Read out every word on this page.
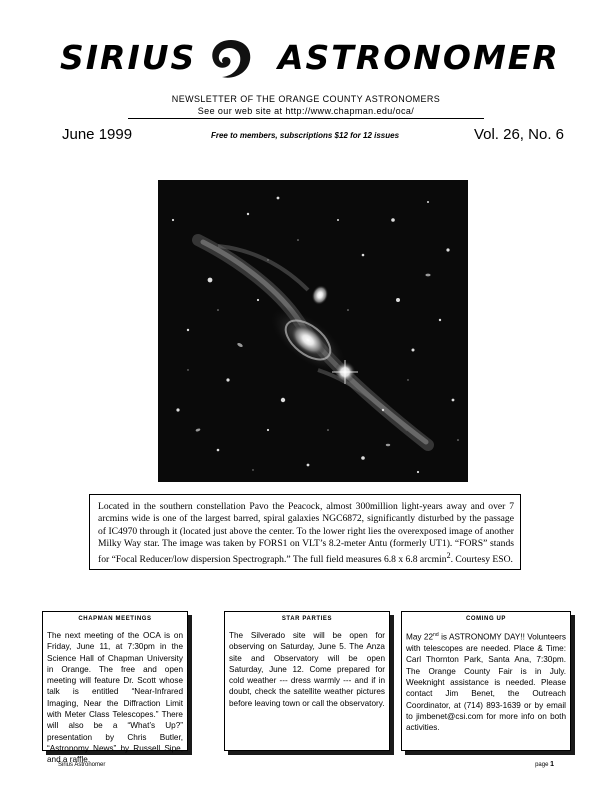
SIRIUS ASTRONOMER
NEWSLETTER OF THE ORANGE COUNTY ASTRONOMERS
See our web site at http://www.chapman.edu/oca/
June 1999	Free to members, subscriptions $12 for 12 issues	Vol. 26, No. 6
Located in the southern constellation Pavo the Peacock, almost 300million light-years away and over 7 arcmins wide is one of the largest barred, spiral galaxies NGC6872, significantly disturbed by the passage of IC4970 through it (located just above the center. To the lower right lies the overexposed image of another Milky Way star. The image was taken by FORS1 on VLT’s 8.2-meter Antu (formerly UT1). “FORS” stands for “Focal Reducer/low dispersion Spectrograph.” The full field measures 6.8 x 6.8 arcmin$^2$. Courtesy ESO.
CHAPMAN MEETINGS
The next meeting of the OCA is on Friday, June 11, at 7:30pm in the Science Hall of Chapman University in Orange. The free and open meeting will feature Dr. Scott whose talk is entitled “Near-Infrared Imaging, Near the Diffraction Limit with Meter Class Telescopes.” There will also be a “What’s Up?” presentation by Chris Butler, “Astronomy News” by Russell Sipe, and a raffle.
STAR PARTIES
The Silverado site will be open for observing on Saturday, June 5. The Anza site and Observatory will be open Saturday, June 12. Come prepared for cold weather --- dress warmly --- and if in doubt, check the satellite weather pictures before leaving town or call the observatory.
COMING UP
May 22nd is ASTRONOMY DAY!! Volunteers with telescopes are needed. Place & Time: Carl Thornton Park, Santa Ana, 7:30pm. The Orange County Fair is in July. Weeknight assistance is needed. Please contact Jim Benet, the Outreach Coordinator, at (714) 893-1639 or by email to jimbenet@csi.com for more info on both activities.
Sirius Astronomer	page 1
